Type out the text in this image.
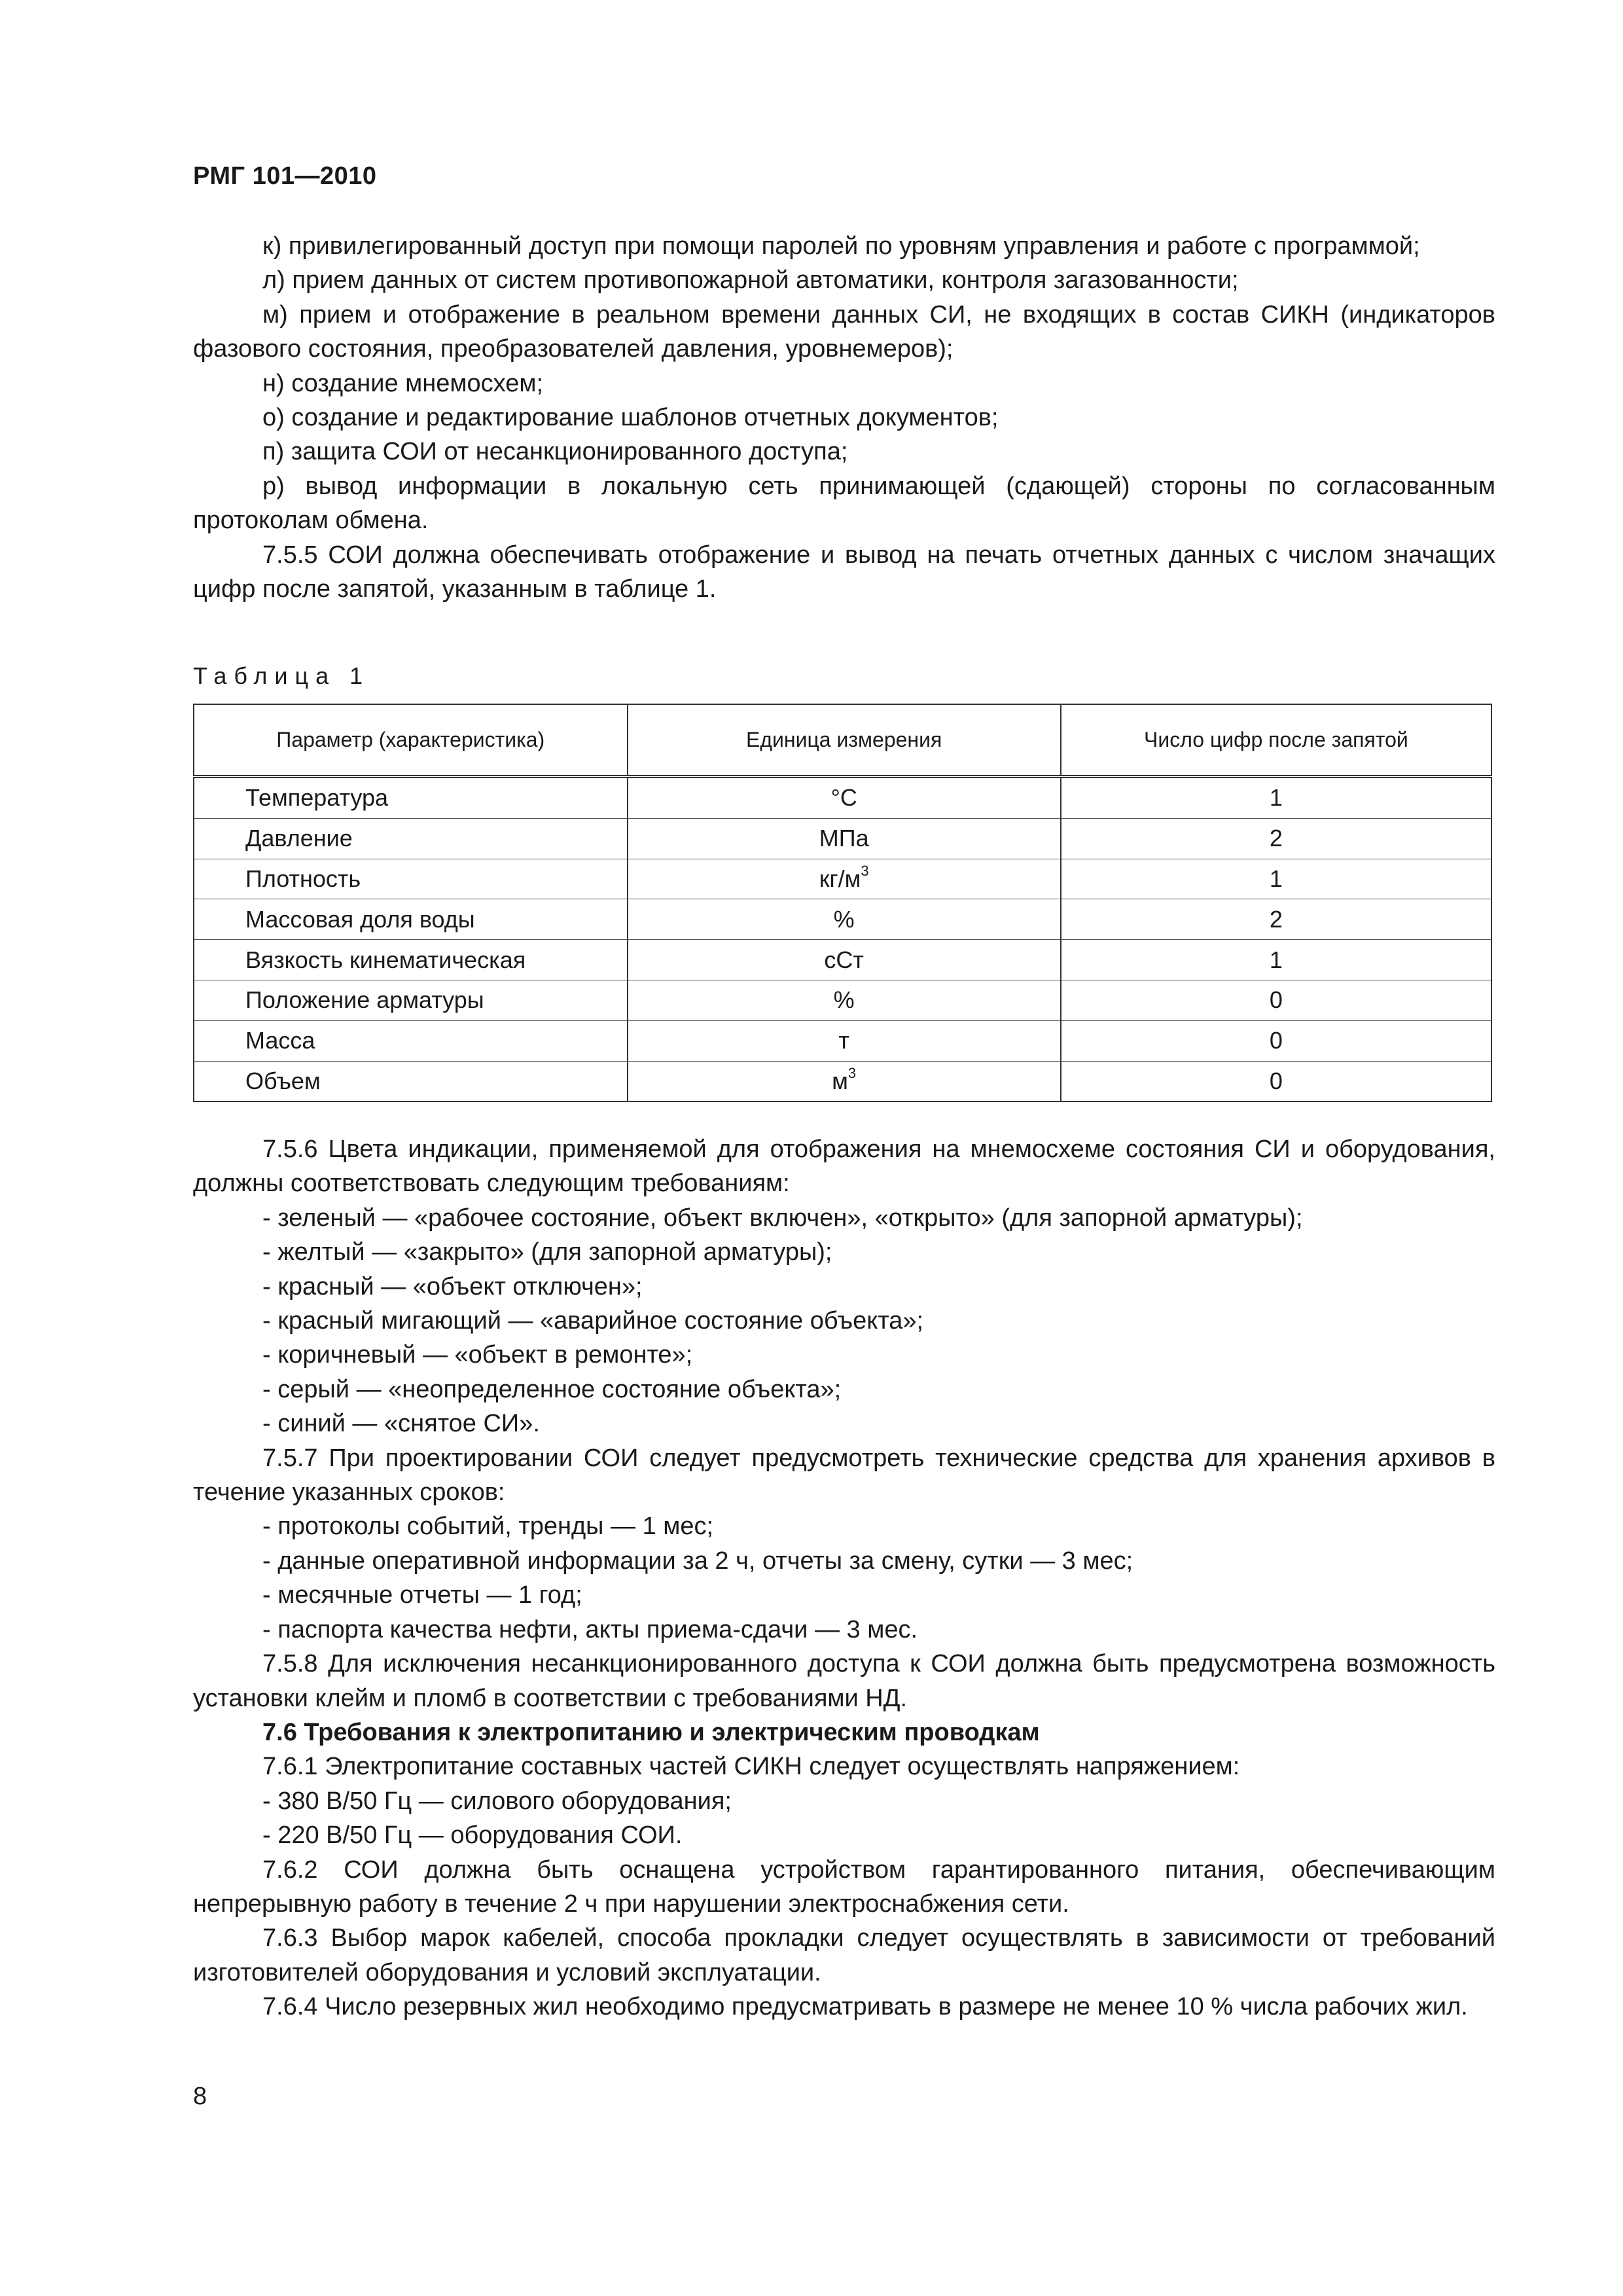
РМГ 101—2010

к) привилегированный доступ при помощи паролей по уровням управления и работе с программой;

л) прием данных от систем противопожарной автоматики, контроля загазованности;

м) прием и отображение в реальном времени данных СИ, не входящих в состав СИКН (индикаторов фазового состояния, преобразователей давления, уровнемеров);

н) создание мнемосхем;

о) создание и редактирование шаблонов отчетных документов;

п) защита СОИ от несанкционированного доступа;

р) вывод информации в локальную сеть принимающей (сдающей) стороны по согласованным протоколам обмена.

7.5.5 СОИ должна обеспечивать отображение и вывод на печать отчетных данных с числом значащих цифр после запятой, указанным в таблице 1.

Таблица 1
Параметр (характеристика)	Единица измерения	Число цифр после запятой
Температура	°С	1
Давление	МПа	2
Плотность	$кг/м^3$	1
Массовая доля воды	%	2
Вязкость кинематическая	сСт	1
Положение арматуры	%	0
Масса	т	0
Объем	$м^3$	0

7.5.6 Цвета индикации, применяемой для отображения на мнемосхеме состояния СИ и оборудования, должны соответствовать следующим требованиям:

- зеленый — «рабочее состояние, объект включен», «открыто» (для запорной арматуры);

- желтый — «закрыто» (для запорной арматуры);

- красный — «объект отключен»;

- красный мигающий — «аварийное состояние объекта»;

- коричневый — «объект в ремонте»;

- серый — «неопределенное состояние объекта»;

- синий — «снятое СИ».

7.5.7 При проектировании СОИ следует предусмотреть технические средства для хранения архивов в течение указанных сроков:

- протоколы событий, тренды — 1 мес;

- данные оперативной информации за 2 ч, отчеты за смену, сутки — 3 мес;

- месячные отчеты — 1 год;

- паспорта качества нефти, акты приема-сдачи — 3 мес.

7.5.8 Для исключения несанкционированного доступа к СОИ должна быть предусмотрена возможность установки клейм и пломб в соответствии с требованиями НД.

7.6 Требования к электропитанию и электрическим проводкам

7.6.1 Электропитание составных частей СИКН следует осуществлять напряжением:

- 380 В/50 Гц — силового оборудования;

- 220 В/50 Гц — оборудования СОИ.

7.6.2 СОИ должна быть оснащена устройством гарантированного питания, обеспечивающим непрерывную работу в течение 2 ч при нарушении электроснабжения сети.

7.6.3 Выбор марок кабелей, способа прокладки следует осуществлять в зависимости от требований изготовителей оборудования и условий эксплуатации.

7.6.4 Число резервных жил необходимо предусматривать в размере не менее 10 % числа рабочих жил.

8
